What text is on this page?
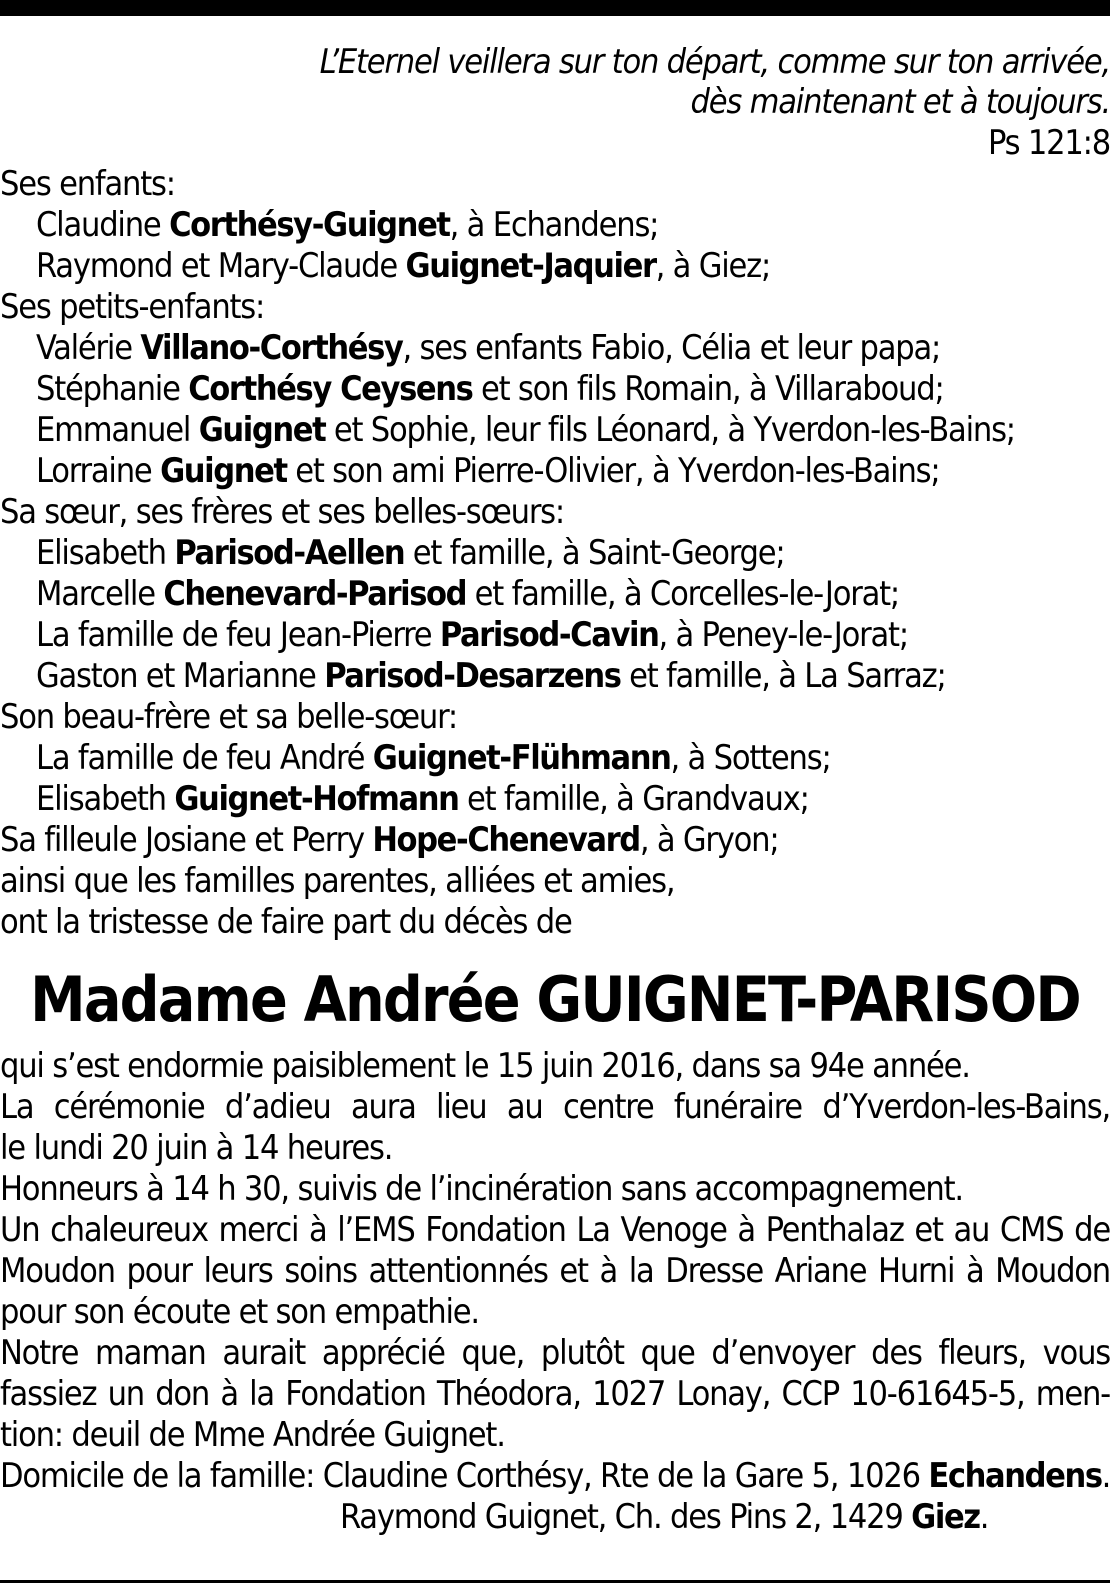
L’Eternel veillera sur ton départ, comme sur ton arrivée,
dès maintenant et à toujours.
Ps 121:8
Ses enfants:
Claudine Corthésy-Guignet, à Echandens;
Raymond et Mary-Claude Guignet-Jaquier, à Giez;
Ses petits-enfants:
Valérie Villano-Corthésy, ses enfants Fabio, Célia et leur papa;
Stéphanie Corthésy Ceysens et son fils Romain, à Villaraboud;
Emmanuel Guignet et Sophie, leur fils Léonard, à Yverdon-les-Bains;
Lorraine Guignet et son ami Pierre-Olivier, à Yverdon-les-Bains;
Sa sœur, ses frères et ses belles-sœurs:
Elisabeth Parisod-Aellen et famille, à Saint-George;
Marcelle Chenevard-Parisod et famille, à Corcelles-le-Jorat;
La famille de feu Jean-Pierre Parisod-Cavin, à Peney-le-Jorat;
Gaston et Marianne Parisod-Desarzens et famille, à La Sarraz;
Son beau-frère et sa belle-sœur:
La famille de feu André Guignet-Flühmann, à Sottens;
Elisabeth Guignet-Hofmann et famille, à Grandvaux;
Sa filleule Josiane et Perry Hope-Chenevard, à Gryon;
ainsi que les familles parentes, alliées et amies,
ont la tristesse de faire part du décès de
Madame Andrée GUIGNET-PARISOD
qui s’est endormie paisiblement le 15 juin 2016, dans sa 94e année.
La cérémonie d’adieu aura lieu au centre funéraire d’Yverdon-les-Bains,
le lundi 20 juin à 14 heures.
Honneurs à 14 h 30, suivis de l’incinération sans accompagnement.
Un chaleureux merci à l’EMS Fondation La Venoge à Penthalaz et au CMS de
Moudon pour leurs soins attentionnés et à la Dresse Ariane Hurni à Moudon
pour son écoute et son empathie.
Notre maman aurait apprécié que, plutôt que d’envoyer des fleurs, vous
fassiez un don à la Fondation Théodora, 1027 Lonay, CCP 10-61645-5, men-
tion: deuil de Mme Andrée Guignet.
Domicile de la famille: Claudine Corthésy, Rte de la Gare 5, 1026 Echandens.
Raymond Guignet, Ch. des Pins 2, 1429 Giez.
